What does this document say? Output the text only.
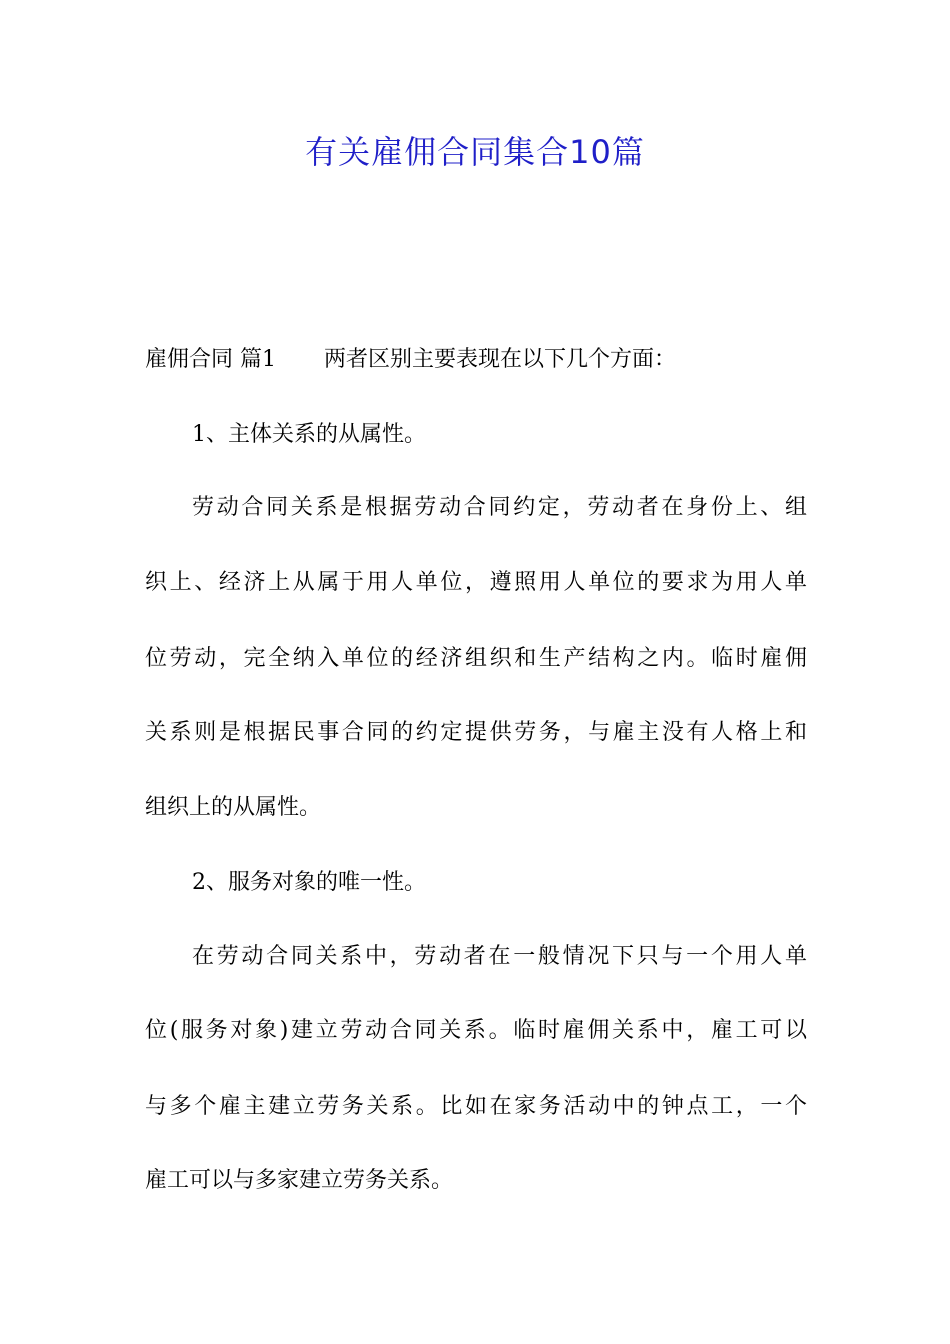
有关雇佣合同集合10篇
雇佣合同 篇1 两者区别主要表现在以下几个方面：
1、主体关系的从属性。
劳动合同关系是根据劳动合同约定，劳动者在身份上、组
织上、经济上从属于用人单位，遵照用人单位的要求为用人单
位劳动，完全纳入单位的经济组织和生产结构之内。临时雇佣
关系则是根据民事合同的约定提供劳务，与雇主没有人格上和
组织上的从属性。
2、服务对象的唯一性。
在劳动合同关系中，劳动者在一般情况下只与一个用人单
位(服务对象)建立劳动合同关系。临时雇佣关系中，雇工可以
与多个雇主建立劳务关系。比如在家务活动中的钟点工，一个
雇工可以与多家建立劳务关系。
